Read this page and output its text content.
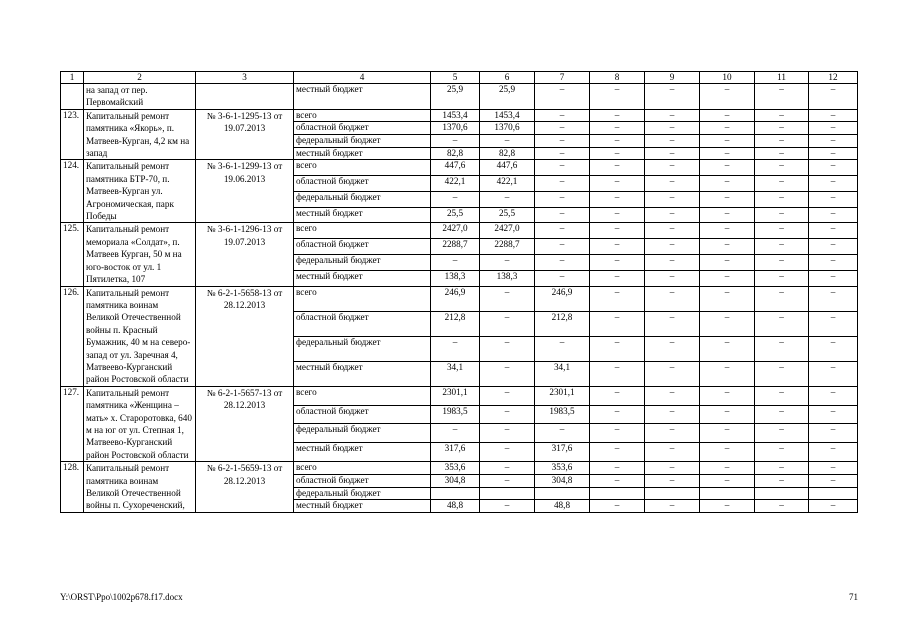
1	2	3	4	5	6	7	8	9	10	11	12
	на запад от пер. Первомайский		местный бюджет	25,9	25,9	–	–	–	–	–	–
123.	Капитальный ремонт памятника «Якорь», п. Матвеев-Курган, 4,2 км на запад	№ 3-6-1-1295-13 от 19.07.2013	всего	1453,4	1453,4	–	–	–	–	–	–
			областной бюджет	1370,6	1370,6	–	–	–	–	–	–
			федеральный бюджет	–	–	–	–	–	–	–	–
			местный бюджет	82,8	82,8	–	–	–	–	–	–
124.	Капитальный ремонт памятника БТР-70, п. Матвеев-Курган ул. Агрономическая, парк Победы	№ 3-6-1-1299-13 от 19.06.2013	всего	447,6	447,6	–	–	–	–	–	–
			областной бюджет	422,1	422,1	–	–	–	–	–	–
			федеральный бюджет	–	–	–	–	–	–	–	–
			местный бюджет	25,5	25,5	–	–	–	–	–	–
125.	Капитальный ремонт мемориала «Солдат», п. Матвеев Курган, 50 м на юго-восток от ул. 1 Пятилетка, 107	№ 3-6-1-1296-13 от 19.07.2013	всего	2427,0	2427,0	–	–	–	–	–	–
			областной бюджет	2288,7	2288,7	–	–	–	–	–	–
			федеральный бюджет	–	–	–	–	–	–	–	–
			местный бюджет	138,3	138,3	–	–	–	–	–	–
126.	Капитальный ремонт памятника воинам Великой Отечественной войны п. Красный Бумажник, 40 м на северо-запад от ул. Заречная 4, Матвеево-Курганский район Ростовской области	№ 6-2-1-5658-13 от 28.12.2013	всего	246,9	–	246,9	–	–	–	–	–
			областной бюджет	212,8	–	212,8	–	–	–	–	–
			федеральный бюджет	–	–	–	–	–	–	–	–
			местный бюджет	34,1	–	34,1	–	–	–	–	–
127.	Капитальный ремонт памятника «Женщина – мать» х. Староротовка, 640 м на юг от ул. Степная 1, Матвеево-Курганский район Ростовской области	№ 6-2-1-5657-13 от 28.12.2013	всего	2301,1	–	2301,1	–	–	–	–	–
			областной бюджет	1983,5	–	1983,5	–	–	–	–	–
			федеральный бюджет	–	–	–	–	–	–	–	–
			местный бюджет	317,6	–	317,6	–	–	–	–	–
128.	Капитальный ремонт памятника воинам Великой Отечественной войны п. Сухореченский,	№ 6-2-1-5659-13 от 28.12.2013	всего	353,6	–	353,6	–	–	–	–	–
			областной бюджет	304,8	–	304,8	–	–	–	–	–
			федеральный бюджет								
			местный бюджет	48,8	–	48,8	–	–	–	–	–
Y:\ORST\Ppo\1002p678.f17.docx	71
